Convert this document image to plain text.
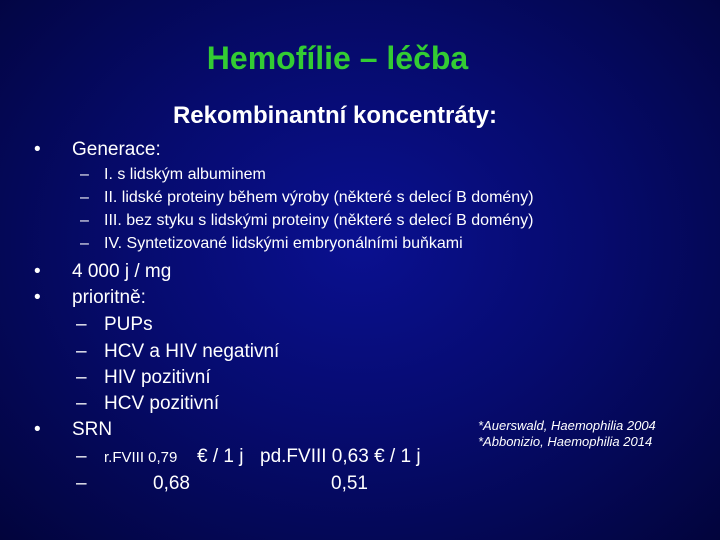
Hemofílie – léčba
Rekombinantní koncentráty:
• Generace:
– I. s lidským albuminem
– II. lidské proteiny během výroby (některé s delecí B domény)
– III. bez styku s lidskými proteiny (některé s delecí B domény)
– IV. Syntetizované lidskými embryonálními buňkami
• 4 000 j / mg
• prioritně:
– PUPs
– HCV a HIV negativní
– HIV pozitivní
– HCV pozitivní
• SRN
– r.FVIII 0,79 € / 1 j pd.FVIII 0,63 € / 1 j
–	0,68	0,51
*Auerswald, Haemophilia 2004
*Abbonizio, Haemophilia 2014
